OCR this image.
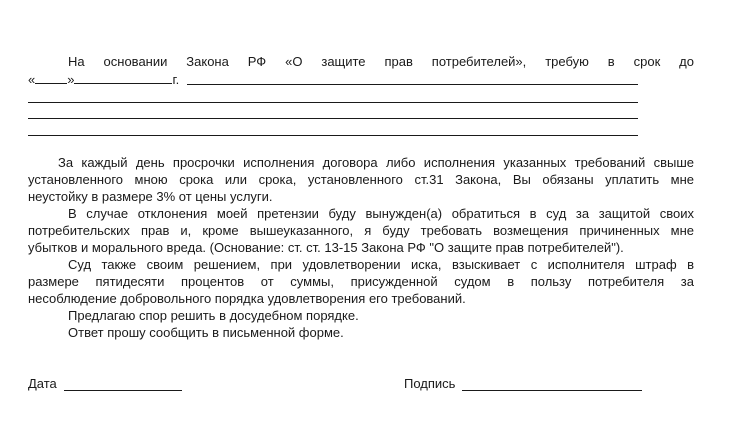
На основании Закона РФ «О защите прав потребителей», требую в срок до
« »	г.
За каждый день просрочки исполнения договора либо исполнения указанных требований свыше
установленного мною срока или срока, установленного ст.31 Закона, Вы обязаны уплатить мне
неустойку в размере 3% от цены услуги.
В случае отклонения моей претензии буду вынужден(а) обратиться в суд за защитой своих
потребительских прав и, кроме вышеуказанного, я буду требовать возмещения причиненных мне
убытков и морального вреда. (Основание: ст. ст. 13-15 Закона РФ "О защите прав потребителей").
Суд также своим решением, при удовлетворении иска, взыскивает с исполнителя штраф в
размере пятидесяти процентов от суммы, присужденной судом в пользу потребителя за
несоблюдение добровольного порядка удовлетворения его требований.
Предлагаю спор решить в досудебном порядке.
Ответ прошу сообщить в письменной форме.
Дата	Подпись
